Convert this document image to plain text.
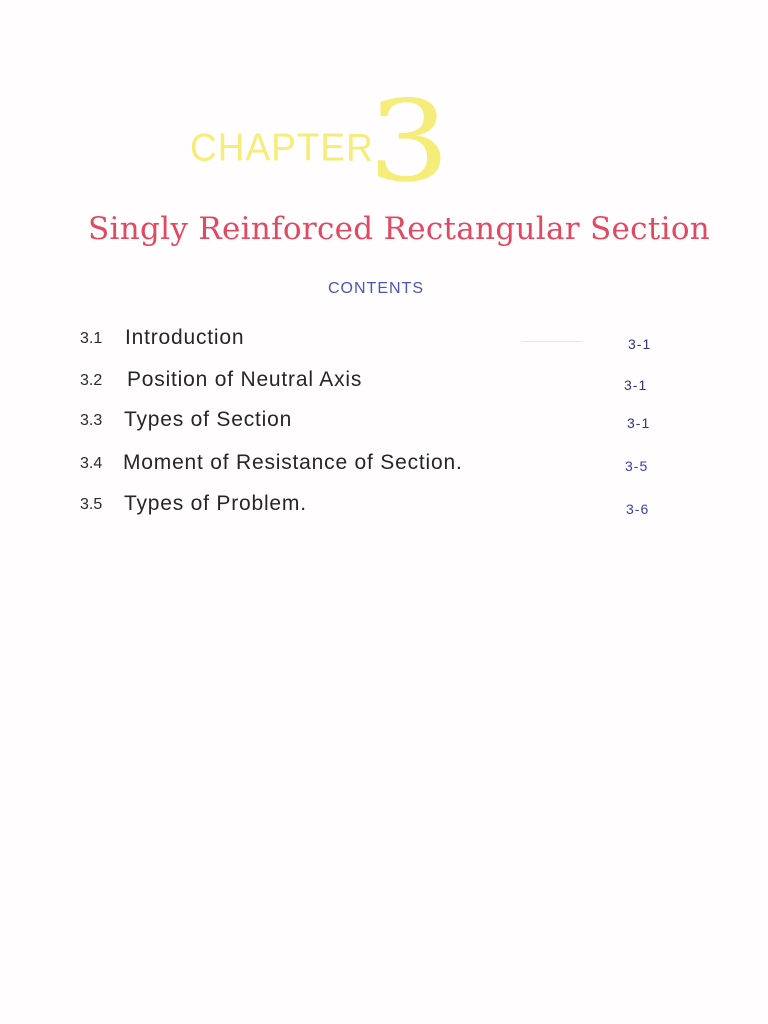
CHAPTER
3
Singly Reinforced Rectangular Section
CONTENTS
3.1 Introduction	3-1
3.2 Position of Neutral Axis	3-1
3.3 Types of Section	3-1
3.4 Moment of Resistance of Section.	3-5
3.5 Types of Problem.	3-6
